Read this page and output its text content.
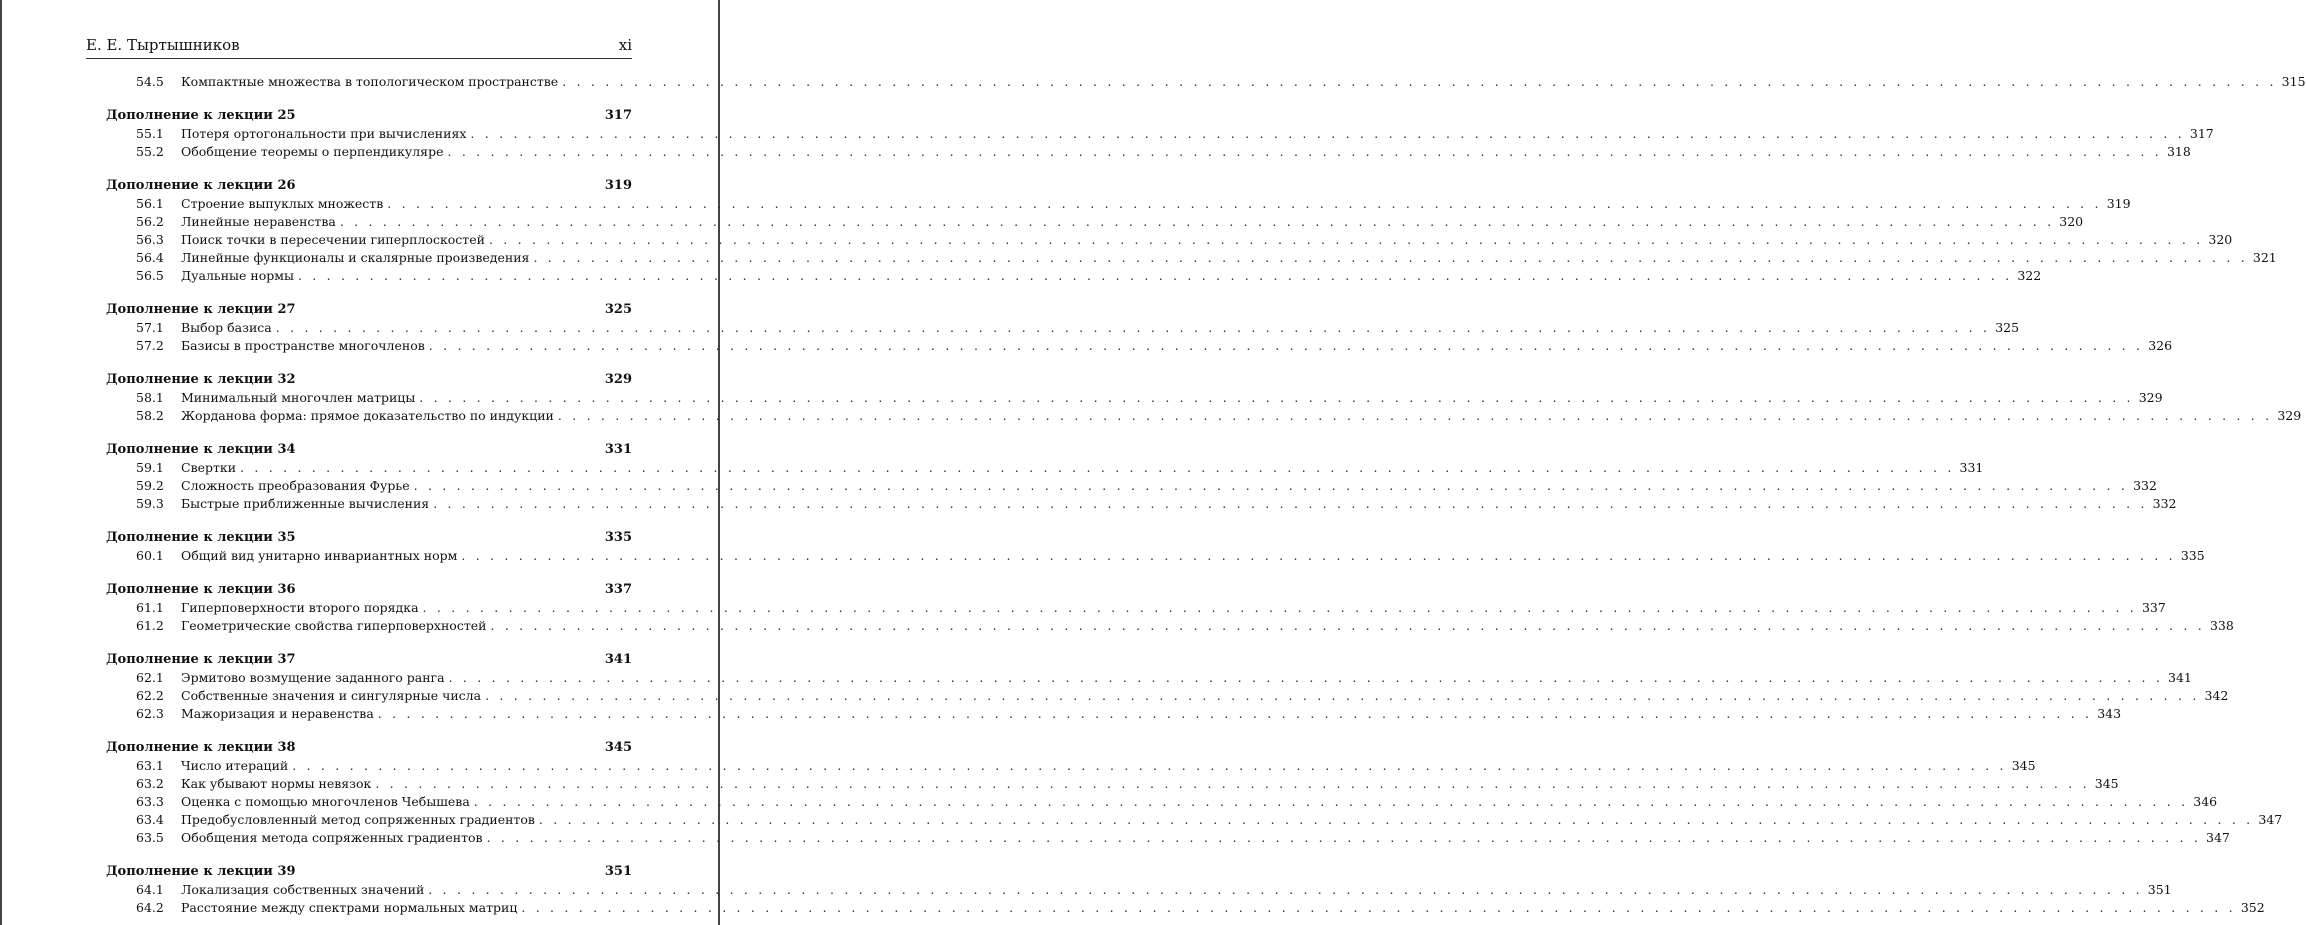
Е. Е. Тыртышников	xi
54.5 Компактные множества в топологическом пространстве . . . . . . . . . . . . . . . . . . . . . . . . . . . . . . . . . . . . . . . . . . . . . . . . . . . . . . . . . . . . . . . . . . . . . . . . . . . . . . . . . . . . . . . . . . . . . . . . . . . . . . . . . . . . . . . . . . . . . . . . 315
Дополнение к лекции 25	317
55.1 Потеря ортогональности при вычислениях . . . . . . . . . . . . . . . . . . . . . . . . . . . . . . . . . . . . . . . . . . . . . . . . . . . . . . . . . . . . . . . . . . . . . . . . . . . . . . . . . . . . . . . . . . . . . . . . . . . . . . . . . . . . . . . . . . . . . . . . 317
55.2 Обобщение теоремы о перпендикуляре . . . . . . . . . . . . . . . . . . . . . . . . . . . . . . . . . . . . . . . . . . . . . . . . . . . . . . . . . . . . . . . . . . . . . . . . . . . . . . . . . . . . . . . . . . . . . . . . . . . . . . . . . . . . . . . . . . . . . . . . 318
Дополнение к лекции 26	319
56.1 Строение выпуклых множеств . . . . . . . . . . . . . . . . . . . . . . . . . . . . . . . . . . . . . . . . . . . . . . . . . . . . . . . . . . . . . . . . . . . . . . . . . . . . . . . . . . . . . . . . . . . . . . . . . . . . . . . . . . . . . . . . . . . . . . . . 319
56.2 Линейные неравенства . . . . . . . . . . . . . . . . . . . . . . . . . . . . . . . . . . . . . . . . . . . . . . . . . . . . . . . . . . . . . . . . . . . . . . . . . . . . . . . . . . . . . . . . . . . . . . . . . . . . . . . . . . . . . . . . . . . . . . . . 320
56.3 Поиск точки в пересечении гиперплоскостей . . . . . . . . . . . . . . . . . . . . . . . . . . . . . . . . . . . . . . . . . . . . . . . . . . . . . . . . . . . . . . . . . . . . . . . . . . . . . . . . . . . . . . . . . . . . . . . . . . . . . . . . . . . . . . . . . . . . . . . . 320
56.4 Линейные функционалы и скалярные произведения . . . . . . . . . . . . . . . . . . . . . . . . . . . . . . . . . . . . . . . . . . . . . . . . . . . . . . . . . . . . . . . . . . . . . . . . . . . . . . . . . . . . . . . . . . . . . . . . . . . . . . . . . . . . . . . . . . . . . . . . 321
56.5 Дуальные нормы . . . . . . . . . . . . . . . . . . . . . . . . . . . . . . . . . . . . . . . . . . . . . . . . . . . . . . . . . . . . . . . . . . . . . . . . . . . . . . . . . . . . . . . . . . . . . . . . . . . . . . . . . . . . . . . . . . . . . . . . 322
Дополнение к лекции 27	325
57.1 Выбор базиса . . . . . . . . . . . . . . . . . . . . . . . . . . . . . . . . . . . . . . . . . . . . . . . . . . . . . . . . . . . . . . . . . . . . . . . . . . . . . . . . . . . . . . . . . . . . . . . . . . . . . . . . . . . . . . . . . . . . . . . . 325
57.2 Базисы в пространстве многочленов . . . . . . . . . . . . . . . . . . . . . . . . . . . . . . . . . . . . . . . . . . . . . . . . . . . . . . . . . . . . . . . . . . . . . . . . . . . . . . . . . . . . . . . . . . . . . . . . . . . . . . . . . . . . . . . . . . . . . . . . 326
Дополнение к лекции 32	329
58.1 Минимальный многочлен матрицы . . . . . . . . . . . . . . . . . . . . . . . . . . . . . . . . . . . . . . . . . . . . . . . . . . . . . . . . . . . . . . . . . . . . . . . . . . . . . . . . . . . . . . . . . . . . . . . . . . . . . . . . . . . . . . . . . . . . . . . . 329
58.2 Жорданова форма: прямое доказательство по индукции . . . . . . . . . . . . . . . . . . . . . . . . . . . . . . . . . . . . . . . . . . . . . . . . . . . . . . . . . . . . . . . . . . . . . . . . . . . . . . . . . . . . . . . . . . . . . . . . . . . . . . . . . . . . . . . . . . . . . . . . 329
Дополнение к лекции 34	331
59.1 Свертки . . . . . . . . . . . . . . . . . . . . . . . . . . . . . . . . . . . . . . . . . . . . . . . . . . . . . . . . . . . . . . . . . . . . . . . . . . . . . . . . . . . . . . . . . . . . . . . . . . . . . . . . . . . . . . . . . . . . . . . . 331
59.2 Сложность преобразования Фурье . . . . . . . . . . . . . . . . . . . . . . . . . . . . . . . . . . . . . . . . . . . . . . . . . . . . . . . . . . . . . . . . . . . . . . . . . . . . . . . . . . . . . . . . . . . . . . . . . . . . . . . . . . . . . . . . . . . . . . . . 332
59.3 Быстрые приближенные вычисления . . . . . . . . . . . . . . . . . . . . . . . . . . . . . . . . . . . . . . . . . . . . . . . . . . . . . . . . . . . . . . . . . . . . . . . . . . . . . . . . . . . . . . . . . . . . . . . . . . . . . . . . . . . . . . . . . . . . . . . . 332
Дополнение к лекции 35	335
60.1 Общий вид унитарно инвариантных норм . . . . . . . . . . . . . . . . . . . . . . . . . . . . . . . . . . . . . . . . . . . . . . . . . . . . . . . . . . . . . . . . . . . . . . . . . . . . . . . . . . . . . . . . . . . . . . . . . . . . . . . . . . . . . . . . . . . . . . . . 335
Дополнение к лекции 36	337
61.1 Гиперповерхности второго порядка . . . . . . . . . . . . . . . . . . . . . . . . . . . . . . . . . . . . . . . . . . . . . . . . . . . . . . . . . . . . . . . . . . . . . . . . . . . . . . . . . . . . . . . . . . . . . . . . . . . . . . . . . . . . . . . . . . . . . . . . 337
61.2 Геометрические свойства гиперповерхностей . . . . . . . . . . . . . . . . . . . . . . . . . . . . . . . . . . . . . . . . . . . . . . . . . . . . . . . . . . . . . . . . . . . . . . . . . . . . . . . . . . . . . . . . . . . . . . . . . . . . . . . . . . . . . . . . . . . . . . . . 338
Дополнение к лекции 37	341
62.1 Эрмитово возмущение заданного ранга . . . . . . . . . . . . . . . . . . . . . . . . . . . . . . . . . . . . . . . . . . . . . . . . . . . . . . . . . . . . . . . . . . . . . . . . . . . . . . . . . . . . . . . . . . . . . . . . . . . . . . . . . . . . . . . . . . . . . . . . 341
62.2 Собственные значения и сингулярные числа . . . . . . . . . . . . . . . . . . . . . . . . . . . . . . . . . . . . . . . . . . . . . . . . . . . . . . . . . . . . . . . . . . . . . . . . . . . . . . . . . . . . . . . . . . . . . . . . . . . . . . . . . . . . . . . . . . . . . . . . 342
62.3 Мажоризация и неравенства . . . . . . . . . . . . . . . . . . . . . . . . . . . . . . . . . . . . . . . . . . . . . . . . . . . . . . . . . . . . . . . . . . . . . . . . . . . . . . . . . . . . . . . . . . . . . . . . . . . . . . . . . . . . . . . . . . . . . . . . 343
Дополнение к лекции 38	345
63.1 Число итераций . . . . . . . . . . . . . . . . . . . . . . . . . . . . . . . . . . . . . . . . . . . . . . . . . . . . . . . . . . . . . . . . . . . . . . . . . . . . . . . . . . . . . . . . . . . . . . . . . . . . . . . . . . . . . . . . . . . . . . . . 345
63.2 Как убывают нормы невязок . . . . . . . . . . . . . . . . . . . . . . . . . . . . . . . . . . . . . . . . . . . . . . . . . . . . . . . . . . . . . . . . . . . . . . . . . . . . . . . . . . . . . . . . . . . . . . . . . . . . . . . . . . . . . . . . . . . . . . . . 345
63.3 Оценка с помощью многочленов Чебышева . . . . . . . . . . . . . . . . . . . . . . . . . . . . . . . . . . . . . . . . . . . . . . . . . . . . . . . . . . . . . . . . . . . . . . . . . . . . . . . . . . . . . . . . . . . . . . . . . . . . . . . . . . . . . . . . . . . . . . . . 346
63.4 Предобусловленный метод сопряженных градиентов . . . . . . . . . . . . . . . . . . . . . . . . . . . . . . . . . . . . . . . . . . . . . . . . . . . . . . . . . . . . . . . . . . . . . . . . . . . . . . . . . . . . . . . . . . . . . . . . . . . . . . . . . . . . . . . . . . . . . . . . 347
63.5 Обобщения метода сопряженных градиентов . . . . . . . . . . . . . . . . . . . . . . . . . . . . . . . . . . . . . . . . . . . . . . . . . . . . . . . . . . . . . . . . . . . . . . . . . . . . . . . . . . . . . . . . . . . . . . . . . . . . . . . . . . . . . . . . . . . . . . . . 347
Дополнение к лекции 39	351
64.1 Локализация собственных значений . . . . . . . . . . . . . . . . . . . . . . . . . . . . . . . . . . . . . . . . . . . . . . . . . . . . . . . . . . . . . . . . . . . . . . . . . . . . . . . . . . . . . . . . . . . . . . . . . . . . . . . . . . . . . . . . . . . . . . . . 351
64.2 Расстояние между спектрами нормальных матриц . . . . . . . . . . . . . . . . . . . . . . . . . . . . . . . . . . . . . . . . . . . . . . . . . . . . . . . . . . . . . . . . . . . . . . . . . . . . . . . . . . . . . . . . . . . . . . . . . . . . . . . . . . . . . . . . . . . . . . . . 352
